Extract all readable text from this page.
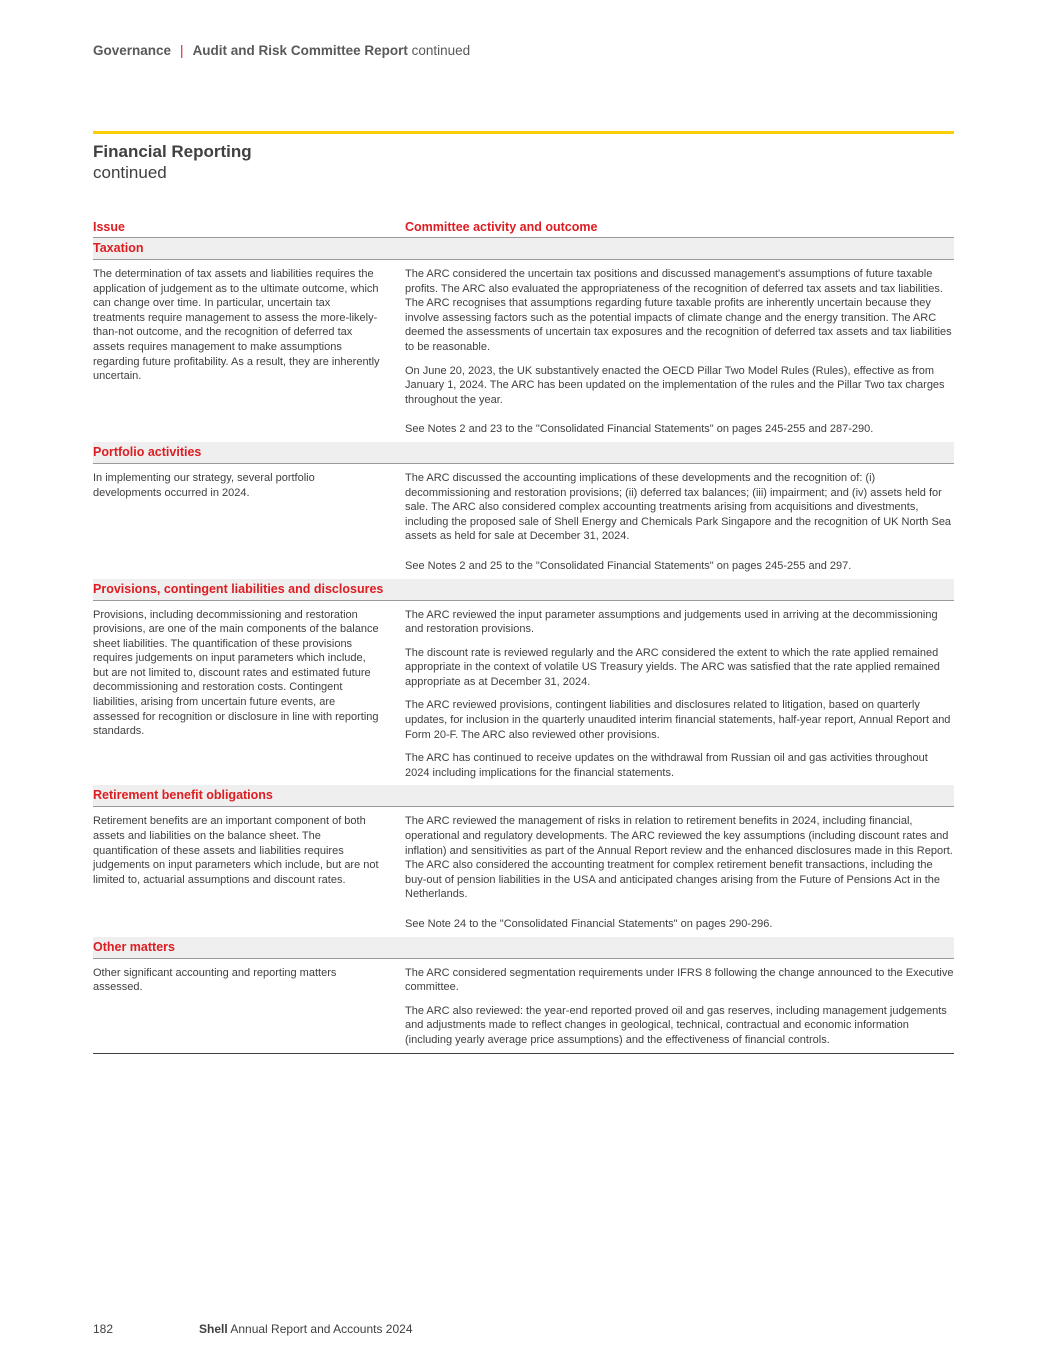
Governance | Audit and Risk Committee Report continued
Financial Reporting
continued
Issue	Committee activity and outcome
Taxation
The determination of tax assets and liabilities requires the application of judgement as to the ultimate outcome, which can change over time. In particular, uncertain tax treatments require management to assess the more-likely-than-not outcome, and the recognition of deferred tax assets requires management to make assumptions regarding future profitability. As a result, they are inherently uncertain.

The ARC considered the uncertain tax positions and discussed management's assumptions of future taxable profits. The ARC also evaluated the appropriateness of the recognition of deferred tax assets and tax liabilities. The ARC recognises that assumptions regarding future taxable profits are inherently uncertain because they involve assessing factors such as the potential impacts of climate change and the energy transition. The ARC deemed the assessments of uncertain tax exposures and the recognition of deferred tax assets and tax liabilities to be reasonable.

On June 20, 2023, the UK substantively enacted the OECD Pillar Two Model Rules (Rules), effective as from January 1, 2024. The ARC has been updated on the implementation of the rules and the Pillar Two tax charges throughout the year.

See Notes 2 and 23 to the "Consolidated Financial Statements" on pages 245-255 and 287-290.

Portfolio activities
In implementing our strategy, several portfolio developments occurred in 2024.

The ARC discussed the accounting implications of these developments and the recognition of: (i) decommissioning and restoration provisions; (ii) deferred tax balances; (iii) impairment; and (iv) assets held for sale. The ARC also considered complex accounting treatments arising from acquisitions and divestments, including the proposed sale of Shell Energy and Chemicals Park Singapore and the recognition of UK North Sea assets as held for sale at December 31, 2024.

See Notes 2 and 25 to the "Consolidated Financial Statements" on pages 245-255 and 297.

Provisions, contingent liabilities and disclosures
Provisions, including decommissioning and restoration provisions, are one of the main components of the balance sheet liabilities. The quantification of these provisions requires judgements on input parameters which include, but are not limited to, discount rates and estimated future decommissioning and restoration costs. Contingent liabilities, arising from uncertain future events, are assessed for recognition or disclosure in line with reporting standards.

The ARC reviewed the input parameter assumptions and judgements used in arriving at the decommissioning and restoration provisions.

The discount rate is reviewed regularly and the ARC considered the extent to which the rate applied remained appropriate in the context of volatile US Treasury yields. The ARC was satisfied that the rate applied remained appropriate as at December 31, 2024.

The ARC reviewed provisions, contingent liabilities and disclosures related to litigation, based on quarterly updates, for inclusion in the quarterly unaudited interim financial statements, half-year report, Annual Report and Form 20-F. The ARC also reviewed other provisions.

The ARC has continued to receive updates on the withdrawal from Russian oil and gas activities throughout 2024 including implications for the financial statements.

Retirement benefit obligations
Retirement benefits are an important component of both assets and liabilities on the balance sheet. The quantification of these assets and liabilities requires judgements on input parameters which include, but are not limited to, actuarial assumptions and discount rates.

The ARC reviewed the management of risks in relation to retirement benefits in 2024, including financial, operational and regulatory developments. The ARC reviewed the key assumptions (including discount rates and inflation) and sensitivities as part of the Annual Report review and the enhanced disclosures made in this Report. The ARC also considered the accounting treatment for complex retirement benefit transactions, including the buy-out of pension liabilities in the USA and anticipated changes arising from the Future of Pensions Act in the Netherlands.

See Note 24 to the "Consolidated Financial Statements" on pages 290-296.

Other matters
Other significant accounting and reporting matters assessed.

The ARC considered segmentation requirements under IFRS 8 following the change announced to the Executive committee.

The ARC also reviewed: the year-end reported proved oil and gas reserves, including management judgements and adjustments made to reflect changes in geological, technical, contractual and economic information (including yearly average price assumptions) and the effectiveness of financial controls.

182	Shell Annual Report and Accounts 2024
